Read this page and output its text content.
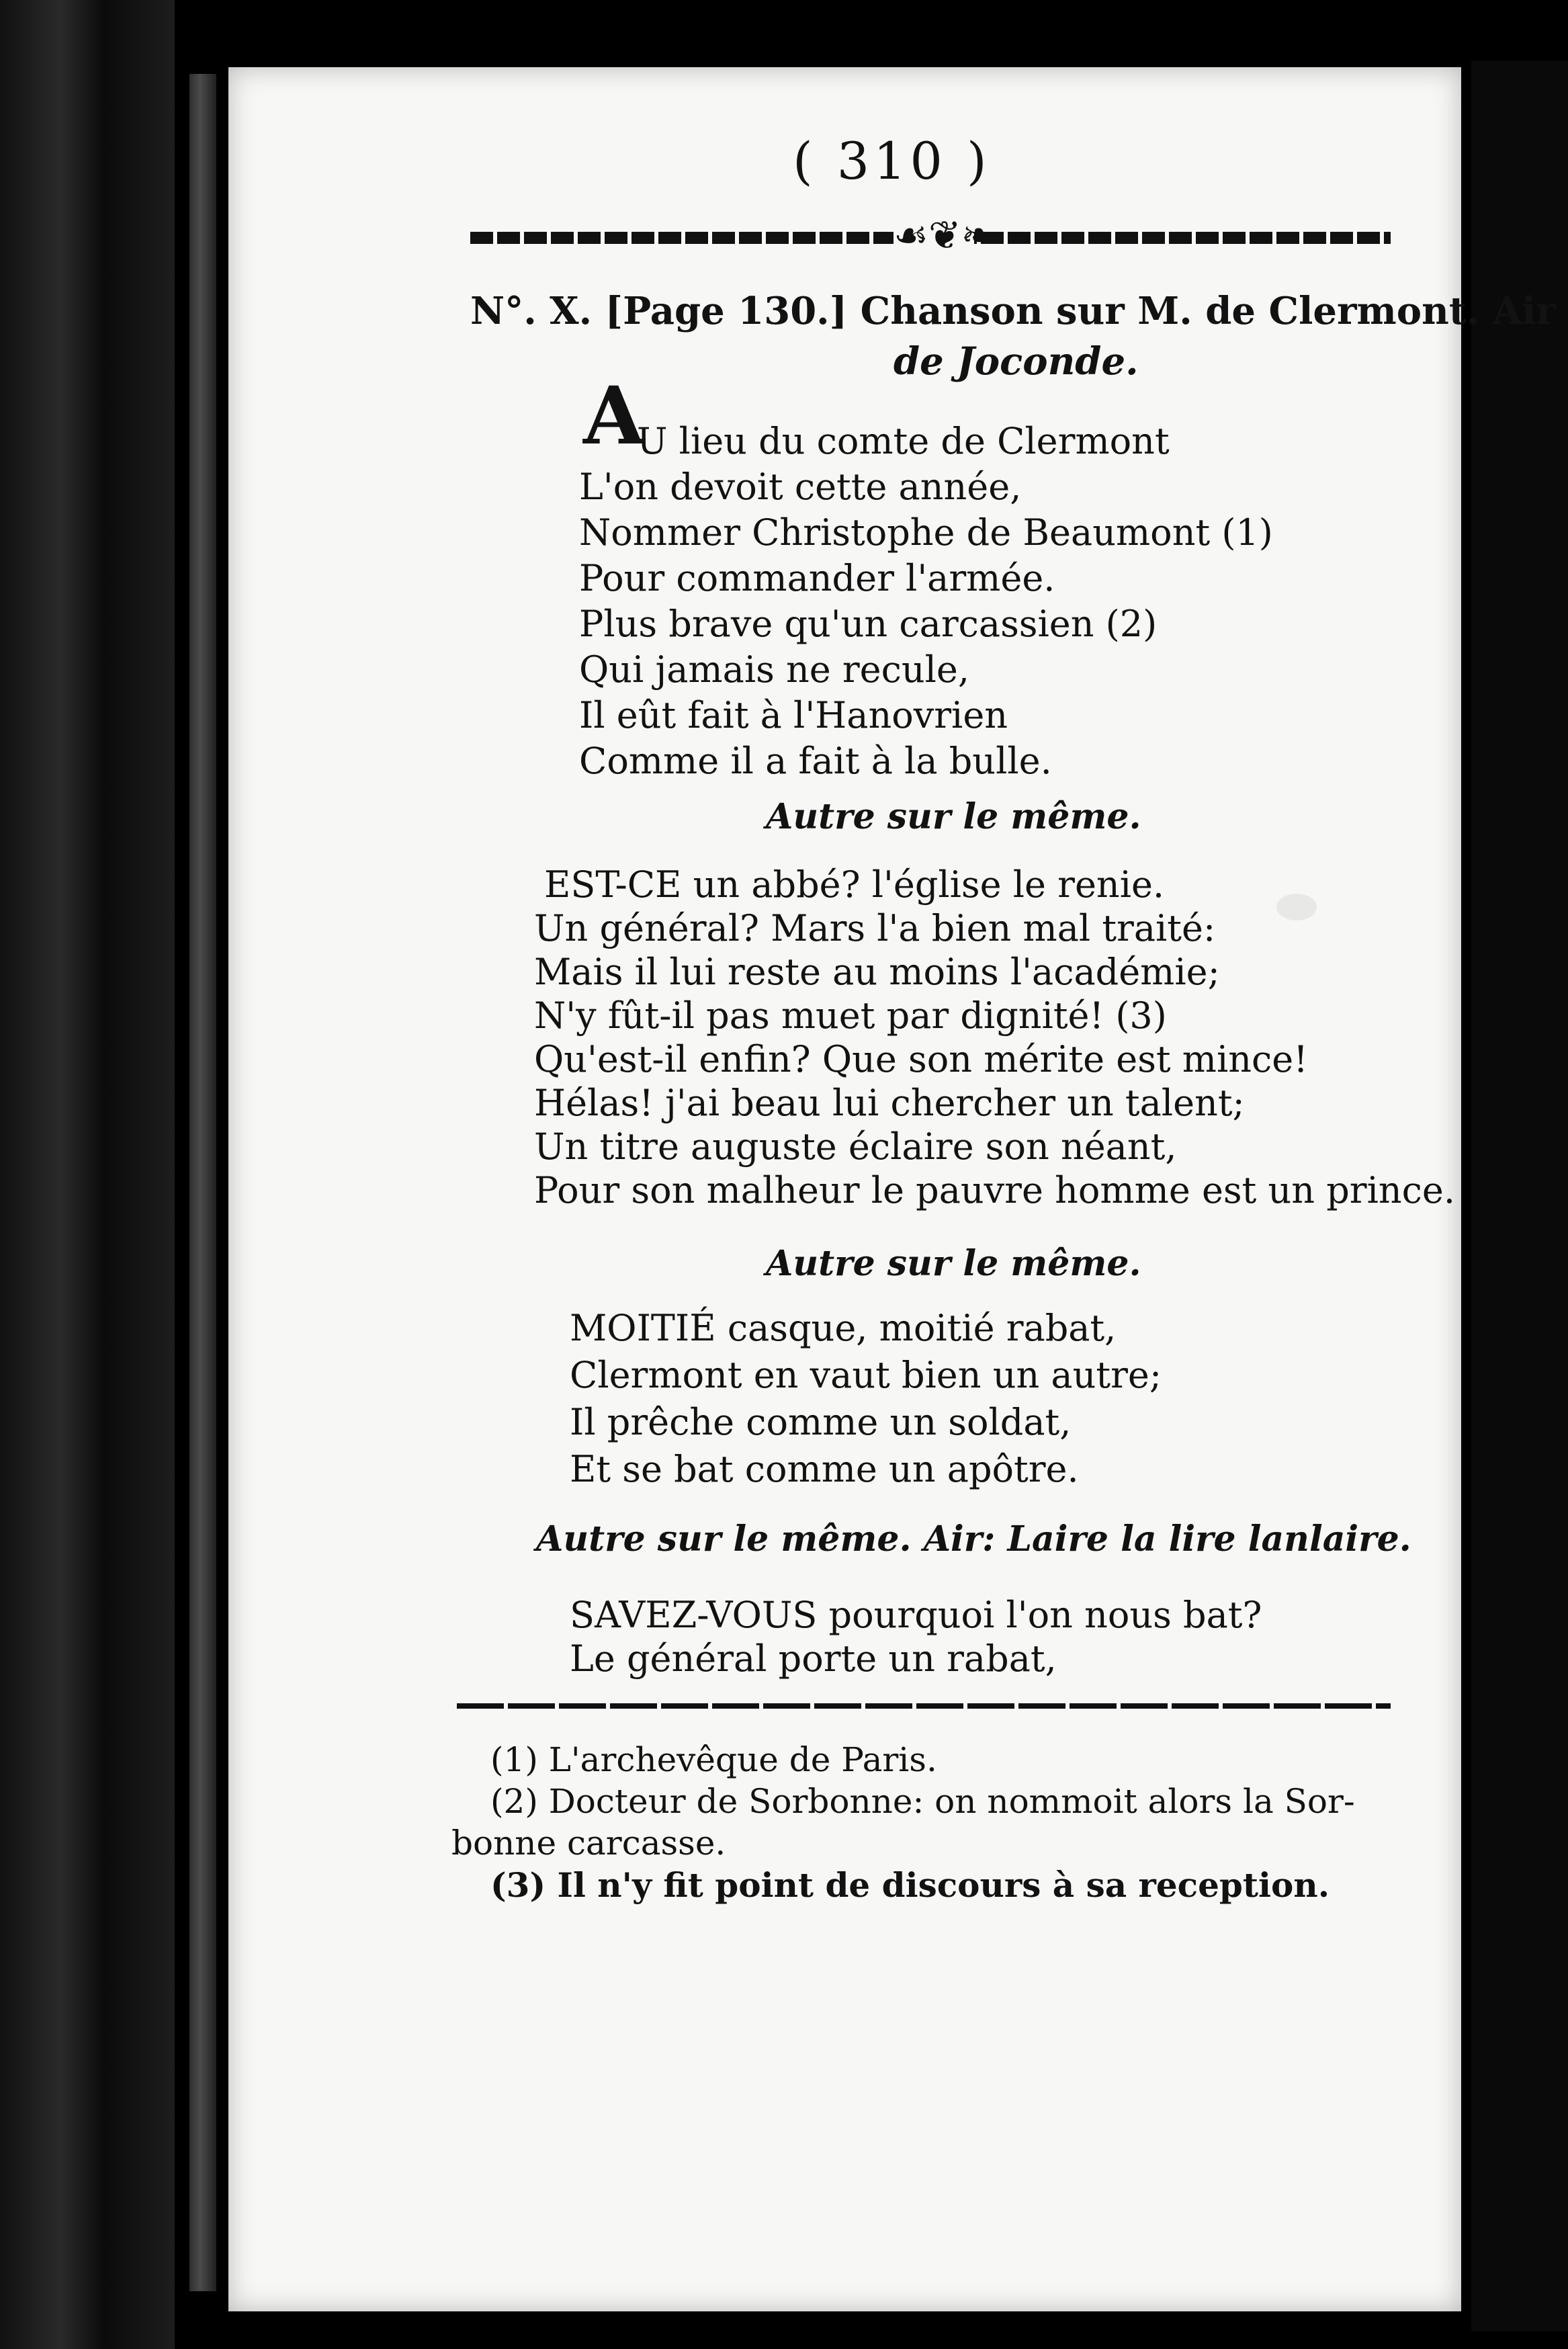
( 310 )
☙❦❧
N°. X. [Page 130.] Chanson sur M. de Clermont. Air
de Joconde.
A
U lieu du comte de Clermont
L'on devoit cette année,
Nommer Christophe de Beaumont (1)
Pour commander l'armée.
Plus brave qu'un carcassien (2)
Qui jamais ne recule,
Il eût fait à l'Hanovrien
Comme il a fait à la bulle.
Autre sur le même.
EST-CE un abbé? l'église le renie.
Un général? Mars l'a bien mal traité:
Mais il lui reste au moins l'académie;
N'y fût-il pas muet par dignité! (3)
Qu'est-il enfin? Que son mérite est mince!
Hélas! j'ai beau lui chercher un talent;
Un titre auguste éclaire son néant,
Pour son malheur le pauvre homme est un prince.
Autre sur le même.
MOITIÉ casque, moitié rabat,
Clermont en vaut bien un autre;
Il prêche comme un soldat,
Et se bat comme un apôtre.
Autre sur le même. Air: Laire la lire lanlaire.
SAVEZ-VOUS pourquoi l'on nous bat?
Le général porte un rabat,
(1) L'archevêque de Paris.
(2) Docteur de Sorbonne: on nommoit alors la Sor-
bonne carcasse.
(3) Il n'y fit point de discours à sa reception.
